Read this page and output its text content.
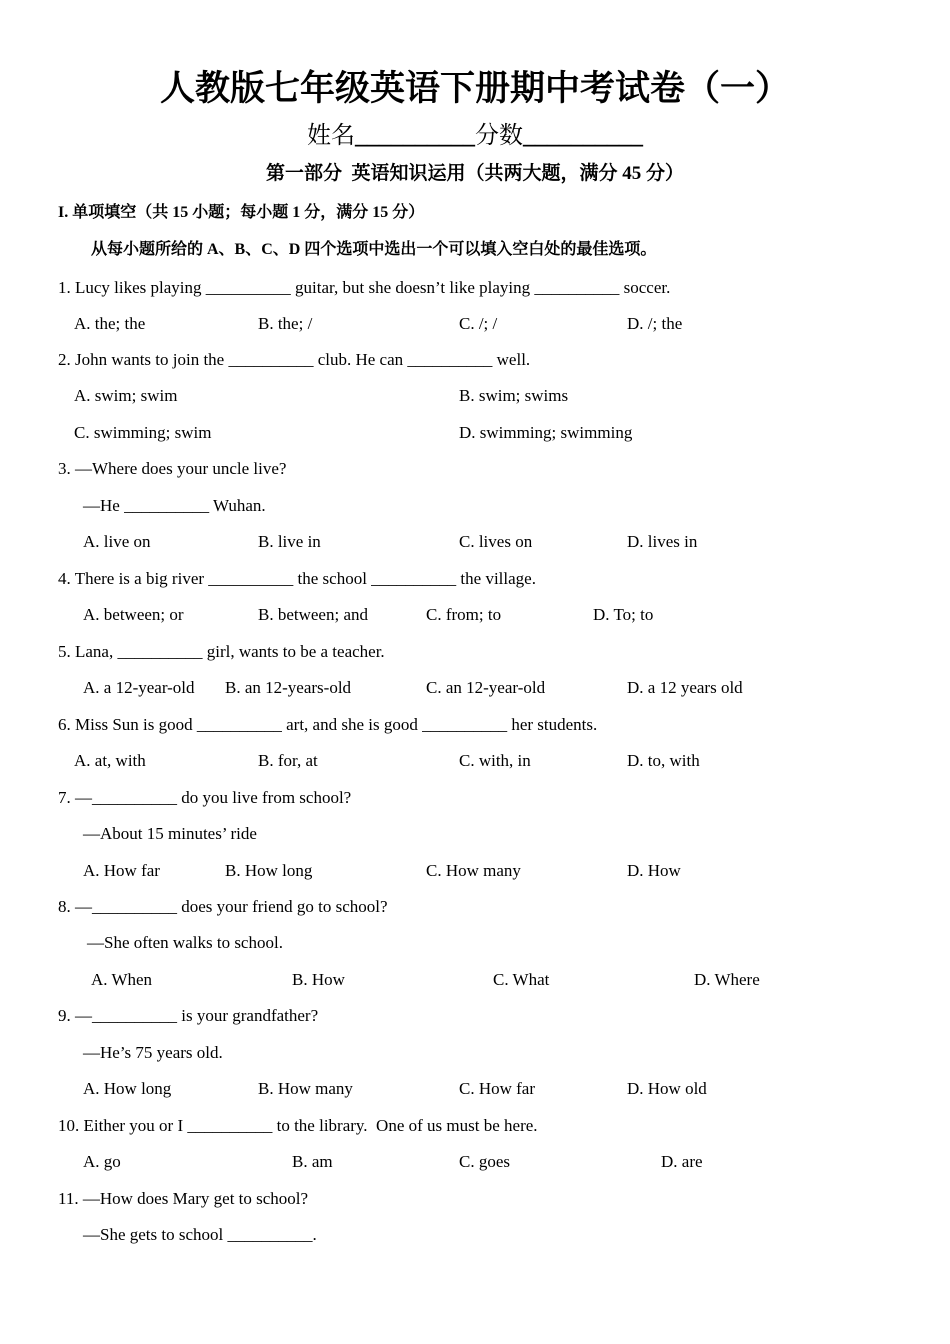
人教版七年级英语下册期中考试卷（一）
姓名__________分数__________
第一部分  英语知识运用（共两大题，满分 45 分）
I. 单项填空（共 15 小题；每小题 1 分，满分 15 分）
从每小题所给的 A、B、C、D 四个选项中选出一个可以填入空白处的最佳选项。
1. Lucy likes playing __________ guitar, but she doesn’t like playing __________ soccer.
A. the; the	B. the; /	C. /; /	D. /; the
2. John wants to join the __________ club. He can __________ well.
A. swim; swim	B. swim; swims
C. swimming; swim	D. swimming; swimming
3. —Where does your uncle live?
—He __________ Wuhan.
A. live on	B. live in	C. lives on	D. lives in
4. There is a big river __________ the school __________ the village.
A. between; or	B. between; and	C. from; to	D. To; to
5. Lana, __________ girl, wants to be a teacher.
A. a 12-year-old B. an 12-years-old	C. an 12-year-old	D. a 12 years old
6. Miss Sun is good __________ art, and she is good __________ her students.
A. at, with	B. for, at	C. with, in	D. to, with
7. —__________ do you live from school?
—About 15 minutes’ ride
A. How far	B. How long	C. How many	D. How
8. —__________ does your friend go to school?
—She often walks to school.
A. When	B. How	C. What	D. Where
9. —__________ is your grandfather?
—He’s 75 years old.
A. How long	B. How many	C. How far	D. How old
10. Either you or I __________ to the library.  One of us must be here.
A. go	B. am	C. goes	D. are
11. —How does Mary get to school?
—She gets to school __________.
